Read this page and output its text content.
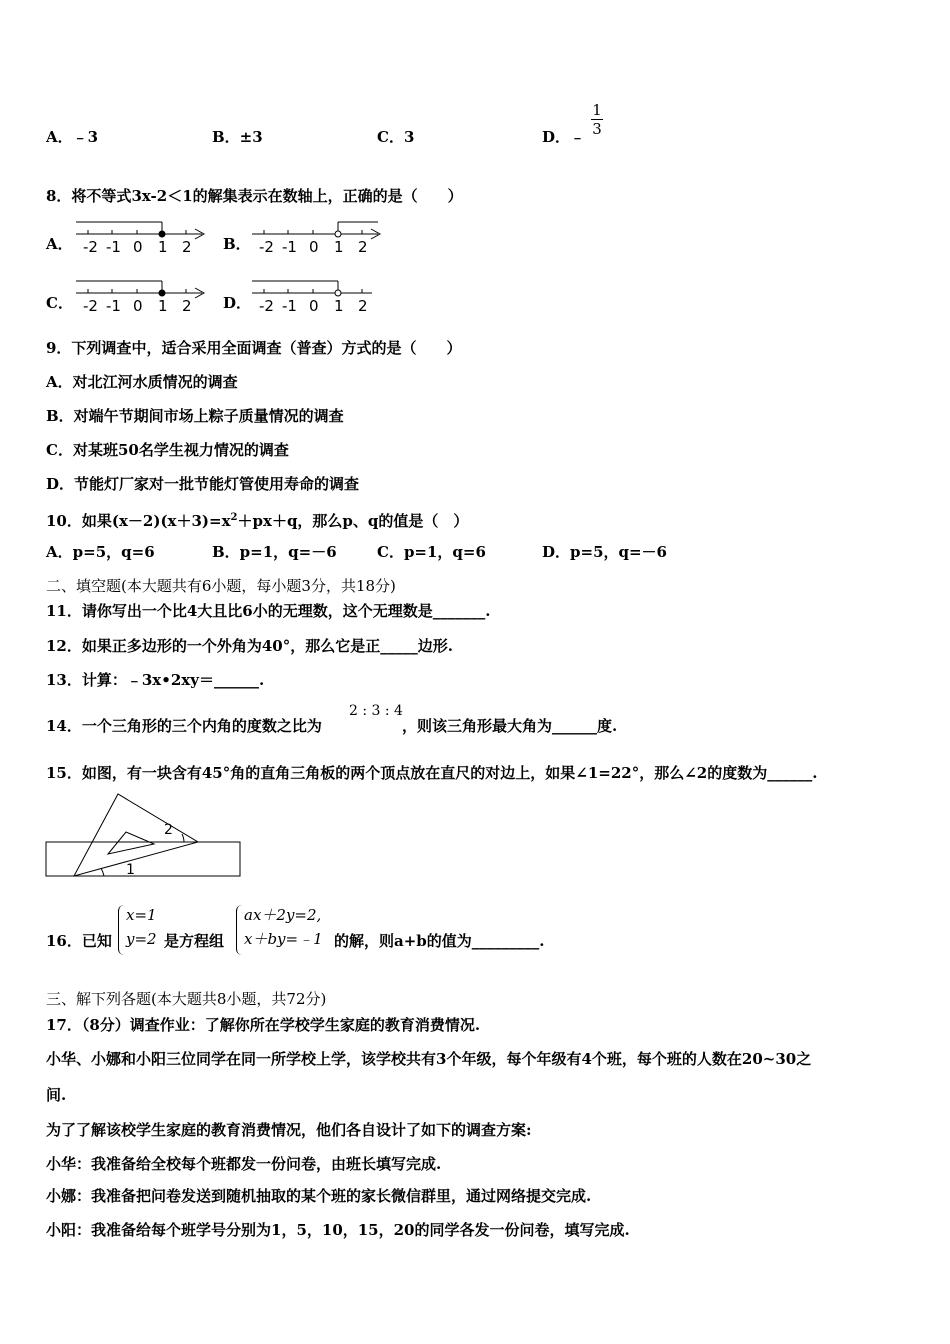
A．﹣3	B．±3	C．3	D．﹣
1
3
8．将不等式3x-2＜1的解集表示在数轴上，正确的是（　　）
A． -2 -1 0 1 2 B． -2 -1 0 1 2
C． -2 -1 0 1 2 D． -2 -1 0 1 2
9．下列调查中，适合采用全面调查（普查）方式的是（　　）
A．对北江河水质情况的调查
B．对端午节期间市场上粽子质量情况的调查
C．对某班50名学生视力情况的调查
D．节能灯厂家对一批节能灯管使用寿命的调查
10．如果$(x-2)(x+3)=x^2+px+q$，那么p、q的值是（　）
A．p=5，q=6	B．p=1，q=－6	C．p=1，q=6	D．p=5，q=－6
二、填空题(本大题共有6小题，每小题3分，共18分)
11．请你写出一个比4大且比6小的无理数，这个无理数是_______.
12．如果正多边形的一个外角为40°，那么它是正_____边形.
13．计算：﹣3x•2xy＝______.
14．一个三角形的三个内角的度数之比为
2 : 3 : 4
，则该三角形最大角为______度.
15．如图，有一块含有45°角的直角三角板的两个顶点放在直尺的对边上，如果∠1=22°，那么∠2的度数为______.
1
2
16．已知
x=1
y=2 是方程组
ax＋2y=2,
x＋by=﹣1 的解，则a+b的值为_________.
三、解下列各题(本大题共8小题，共72分)
17．（8分）调查作业：了解你所在学校学生家庭的教育消费情况.
小华、小娜和小阳三位同学在同一所学校上学，该学校共有3个年级，每个年级有4个班，每个班的人数在20~30之
间.
为了了解该校学生家庭的教育消费情况，他们各自设计了如下的调查方案:
小华：我准备给全校每个班都发一份问卷，由班长填写完成.
小娜：我准备把问卷发送到随机抽取的某个班的家长微信群里，通过网络提交完成.
小阳：我准备给每个班学号分别为1，5，10，15，20的同学各发一份问卷，填写完成.
